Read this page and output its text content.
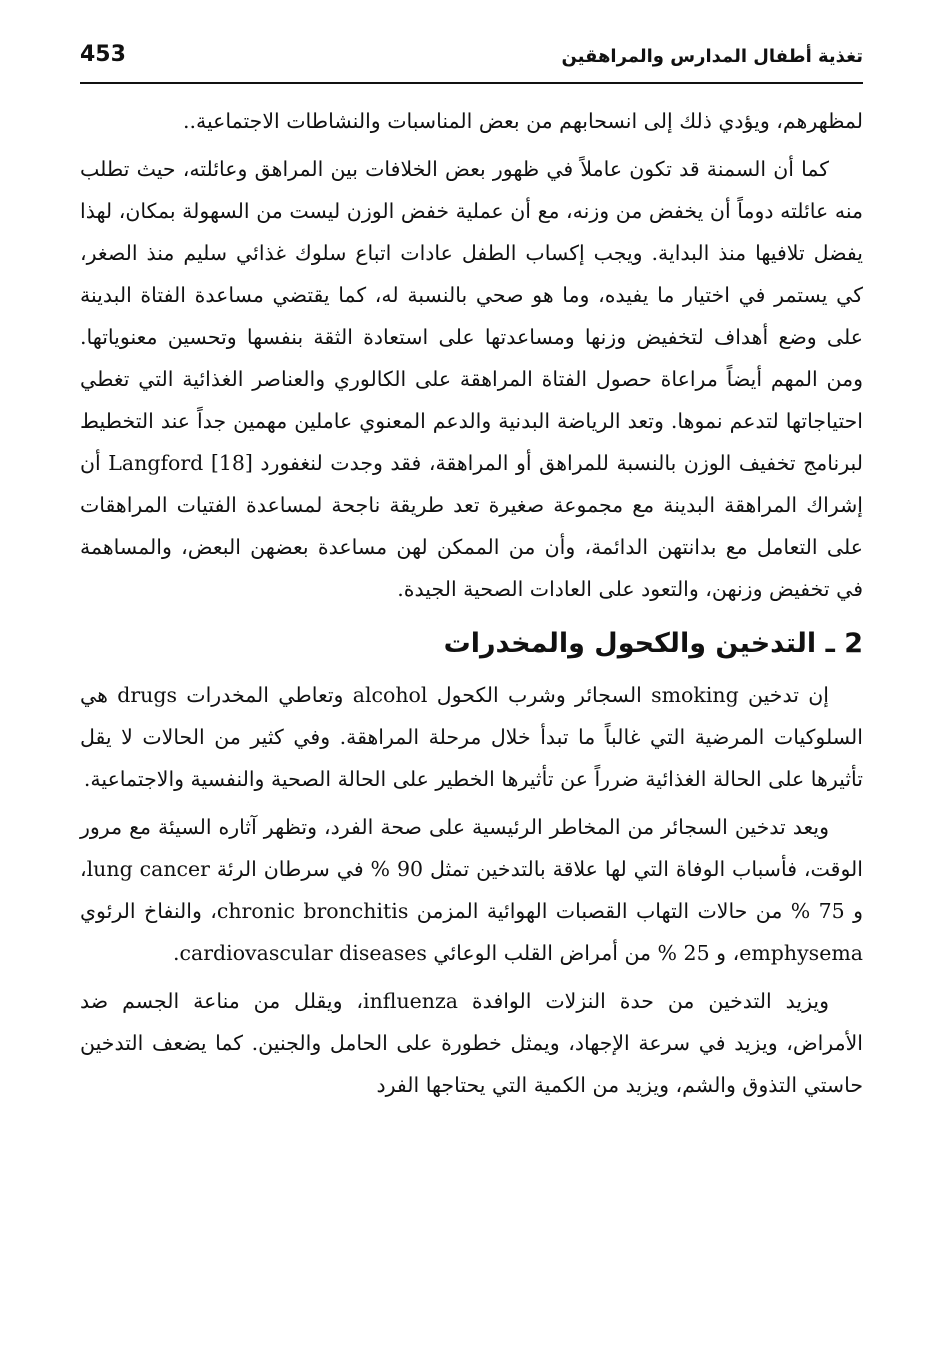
تغذية أطفال المدارس والمراهقين
453

لمظهرهم، ويؤدي ذلك إلى انسحابهم من بعض المناسبات والنشاطات الاجتماعية..

كما أن السمنة قد تكون عاملاً في ظهور بعض الخلافات بين المراهق وعائلته، حيث تطلب منه عائلته دوماً أن يخفض من وزنه، مع أن عملية خفض الوزن ليست من السهولة بمكان، لهذا يفضل تلافيها منذ البداية. ويجب إكساب الطفل عادات اتباع سلوك غذائي سليم منذ الصغر، كي يستمر في اختيار ما يفيده، وما هو صحي بالنسبة له، كما يقتضي مساعدة الفتاة البدينة على وضع أهداف لتخفيض وزنها ومساعدتها على استعادة الثقة بنفسها وتحسين معنوياتها. ومن المهم أيضاً مراعاة حصول الفتاة المراهقة على الكالوري والعناصر الغذائية التي تغطي احتياجاتها لتدعم نموها. وتعد الرياضة البدنية والدعم المعنوي عاملين مهمين جداً عند التخطيط لبرنامج تخفيف الوزن بالنسبة للمراهق أو المراهقة، فقد وجدت لنغفورد Langford [18] أن إشراك المراهقة البدينة مع مجموعة صغيرة تعد طريقة ناجحة لمساعدة الفتيات المراهقات على التعامل مع بدانتهن الدائمة، وأن من الممكن لهن مساعدة بعضهن البعض، والمساهمة في تخفيض وزنهن، والتعود على العادات الصحية الجيدة.

2 ـ التدخين والكحول والمخدرات

إن تدخين smoking السجائر وشرب الكحول alcohol وتعاطي المخدرات drugs هي السلوكيات المرضية التي غالباً ما تبدأ خلال مرحلة المراهقة. وفي كثير من الحالات لا يقل تأثيرها على الحالة الغذائية ضرراً عن تأثيرها الخطير على الحالة الصحية والنفسية والاجتماعية.

ويعد تدخين السجائر من المخاطر الرئيسية على صحة الفرد، وتظهر آثاره السيئة مع مرور الوقت، فأسباب الوفاة التي لها علاقة بالتدخين تمثل 90 % في سرطان الرئة lung cancer، و 75 % من حالات التهاب القصبات الهوائية المزمن chronic bronchitis، والنفاخ الرئوي emphysema، و 25 % من أمراض القلب الوعائي cardiovascular diseases.

ويزيد التدخين من حدة النزلات الوافدة influenza، ويقلل من مناعة الجسم ضد الأمراض، ويزيد في سرعة الإجهاد، ويمثل خطورة على الحامل والجنين. كما يضعف التدخين حاستي التذوق والشم، ويزيد من الكمية التي يحتاجها الفرد
